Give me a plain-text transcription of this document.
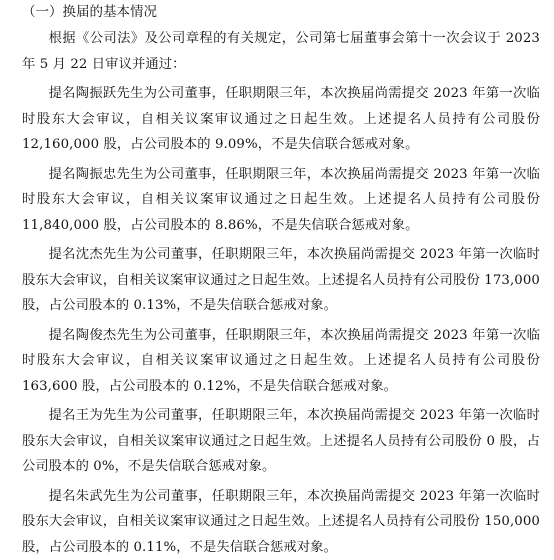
（一）换届的基本情况

根据《公司法》及公司章程的有关规定，公司第七届董事会第十一次会议于 2023 年 5 月 22 日审议并通过：

提名陶振跃先生为公司董事，任职期限三年，本次换届尚需提交 2023 年第一次临时股东大会审议，自相关议案审议通过之日起生效。上述提名人员持有公司股份 12,160,000 股，占公司股本的 9.09%，不是失信联合惩戒对象。

提名陶振忠先生为公司董事，任职期限三年，本次换届尚需提交 2023 年第一次临时股东大会审议，自相关议案审议通过之日起生效。上述提名人员持有公司股份 11,840,000 股，占公司股本的 8.86%，不是失信联合惩戒对象。

提名沈杰先生为公司董事，任职期限三年，本次换届尚需提交 2023 年第一次临时股东大会审议，自相关议案审议通过之日起生效。上述提名人员持有公司股份 173,000 股，占公司股本的 0.13%，不是失信联合惩戒对象。

提名陶俊杰先生为公司董事，任职期限三年，本次换届尚需提交 2023 年第一次临时股东大会审议，自相关议案审议通过之日起生效。上述提名人员持有公司股份 163,600 股，占公司股本的 0.12%，不是失信联合惩戒对象。

提名王为先生为公司董事，任职期限三年，本次换届尚需提交 2023 年第一次临时股东大会审议，自相关议案审议通过之日起生效。上述提名人员持有公司股份 0 股，占公司股本的 0%，不是失信联合惩戒对象。

提名朱武先生为公司董事，任职期限三年，本次换届尚需提交 2023 年第一次临时股东大会审议，自相关议案审议通过之日起生效。上述提名人员持有公司股份 150,000 股，占公司股本的 0.11%，不是失信联合惩戒对象。
